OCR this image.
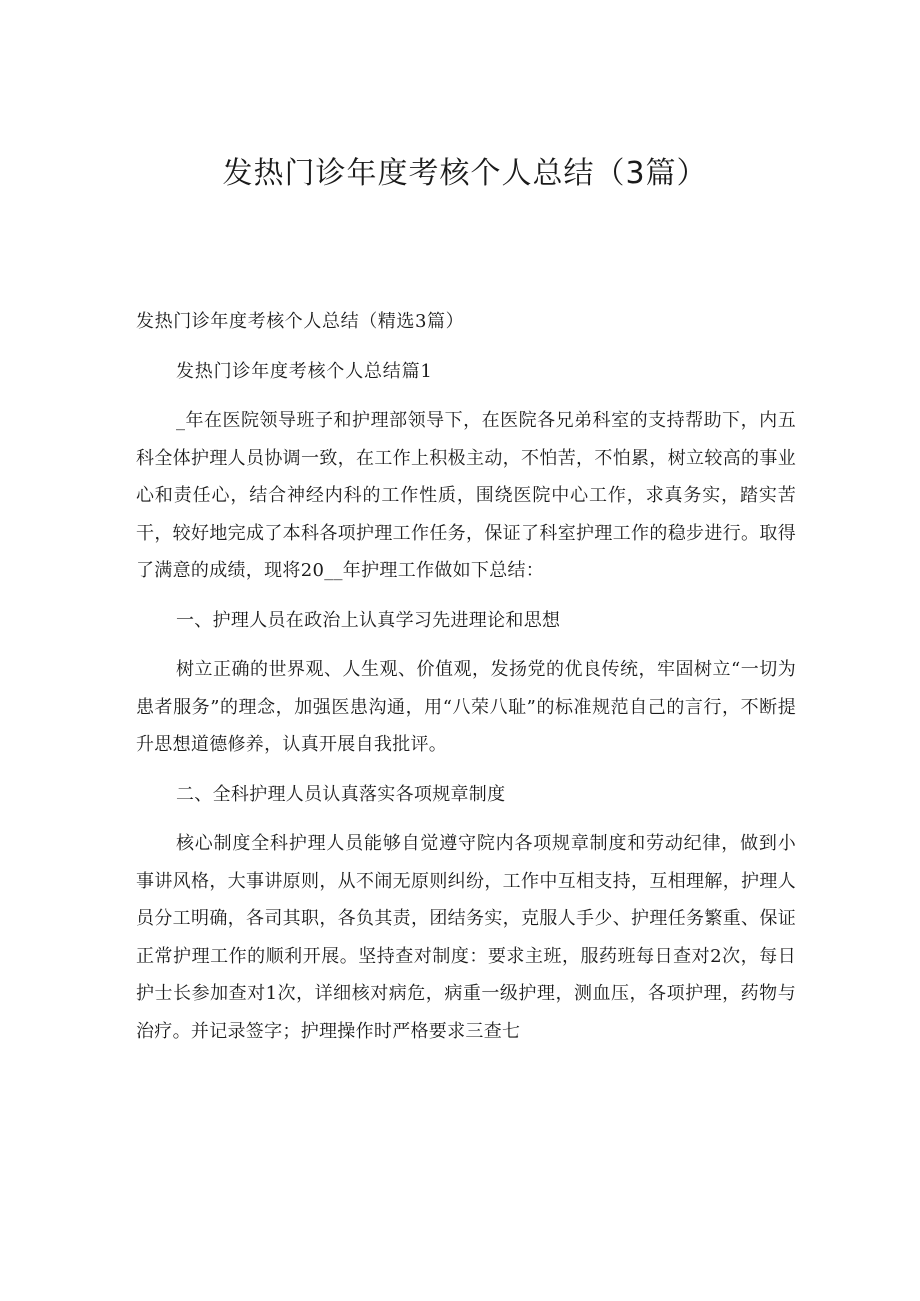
发热门诊年度考核个人总结（3篇）

发热门诊年度考核个人总结（精选3篇）

发热门诊年度考核个人总结篇1

_年在医院领导班子和护理部领导下，在医院各兄弟科室的支持帮助下，内五科全体护理人员协调一致，在工作上积极主动，不怕苦，不怕累，树立较高的事业心和责任心，结合神经内科的工作性质，围绕医院中心工作，求真务实，踏实苦干，较好地完成了本科各项护理工作任务，保证了科室护理工作的稳步进行。取得了满意的成绩，现将20__年护理工作做如下总结：

一、护理人员在政治上认真学习先进理论和思想

树立正确的世界观、人生观、价值观，发扬党的优良传统，牢固树立“一切为患者服务”的理念，加强医患沟通，用“八荣八耻”的标准规范自己的言行，不断提升思想道德修养，认真开展自我批评。

二、全科护理人员认真落实各项规章制度

核心制度全科护理人员能够自觉遵守院内各项规章制度和劳动纪律，做到小事讲风格，大事讲原则，从不闹无原则纠纷，工作中互相支持，互相理解，护理人员分工明确，各司其职，各负其责，团结务实，克服人手少、护理任务繁重、保证正常护理工作的顺利开展。坚持查对制度：要求主班，服药班每日查对2次，每日护士长参加查对1次，详细核对病危，病重一级护理，测血压，各项护理，药物与治疗。并记录签字；护理操作时严格要求三查七
